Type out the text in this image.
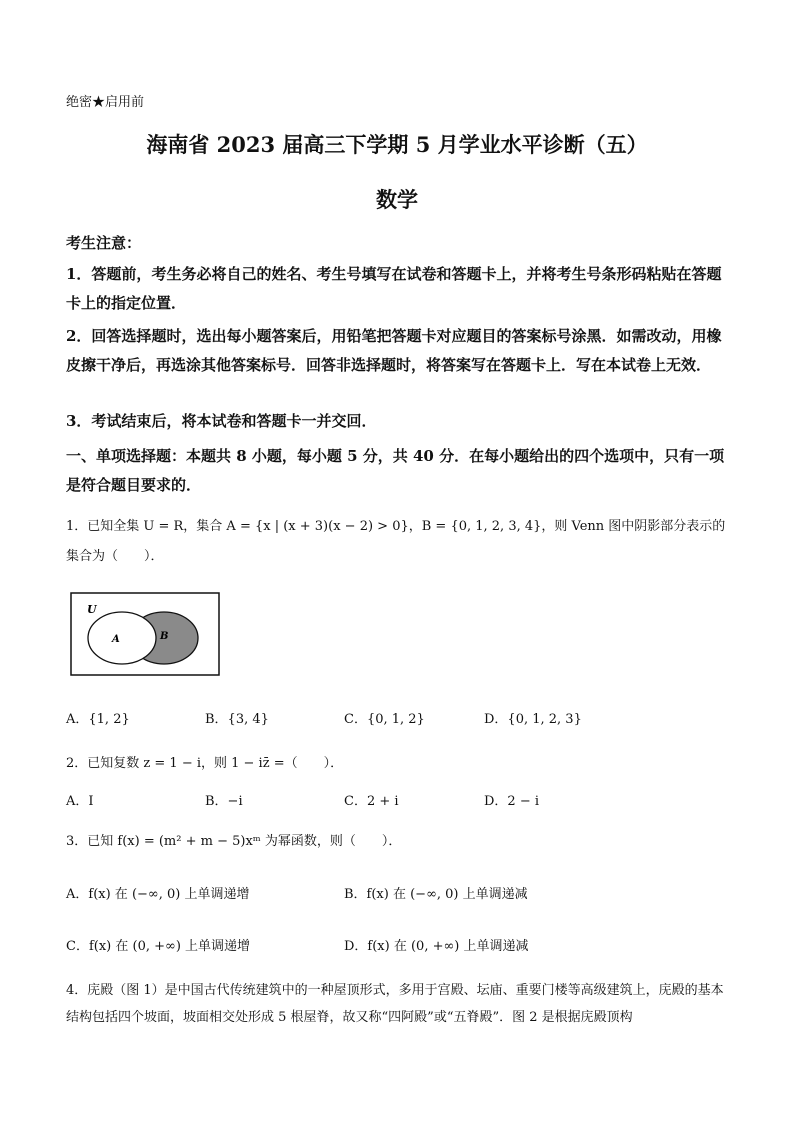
绝密★启用前
海南省 2023 届高三下学期 5 月学业水平诊断（五）
数学
考生注意：
1．答题前，考生务必将自己的姓名、考生号填写在试卷和答题卡上，并将考生号条形码粘贴在答题卡上的指定位置．
2．回答选择题时，选出每小题答案后，用铅笔把答题卡对应题目的答案标号涂黑．如需改动，用橡皮擦干净后，再选涂其他答案标号．回答非选择题时，将答案写在答题卡上．写在本试卷上无效．
3．考试结束后，将本试卷和答题卡一并交回．
一、单项选择题：本题共 8 小题，每小题 5 分，共 40 分．在每小题给出的四个选项中，只有一项是符合题目要求的．
1．已知全集 U = R，集合 A = {x | (x + 3)(x − 2) > 0}，B = {0, 1, 2, 3, 4}，则 Venn 图中阴影部分表示的集合为（　　）．
U
A	B
A．{1, 2}	B．{3, 4}	C．{0, 1, 2}	D．{0, 1, 2, 3}
2．已知复数 z = 1 − i，则 1 − iz̄ =（　　）．
A．I	B．−i	C．2 + i	D．2 − i
3．已知 f(x) = (m² + m − 5)xᵐ 为幂函数，则（　　）．
A．f(x) 在 (−∞, 0) 上单调递增	B．f(x) 在 (−∞, 0) 上单调递减
C．f(x) 在 (0, +∞) 上单调递增	D．f(x) 在 (0, +∞) 上单调递减
4．庑殿（图 1）是中国古代传统建筑中的一种屋顶形式，多用于宫殿、坛庙、重要门楼等高级建筑上，庑殿的基本结构包括四个坡面，坡面相交处形成 5 根屋脊，故又称“四阿殿”或“五脊殿”．图 2 是根据庑殿顶构
